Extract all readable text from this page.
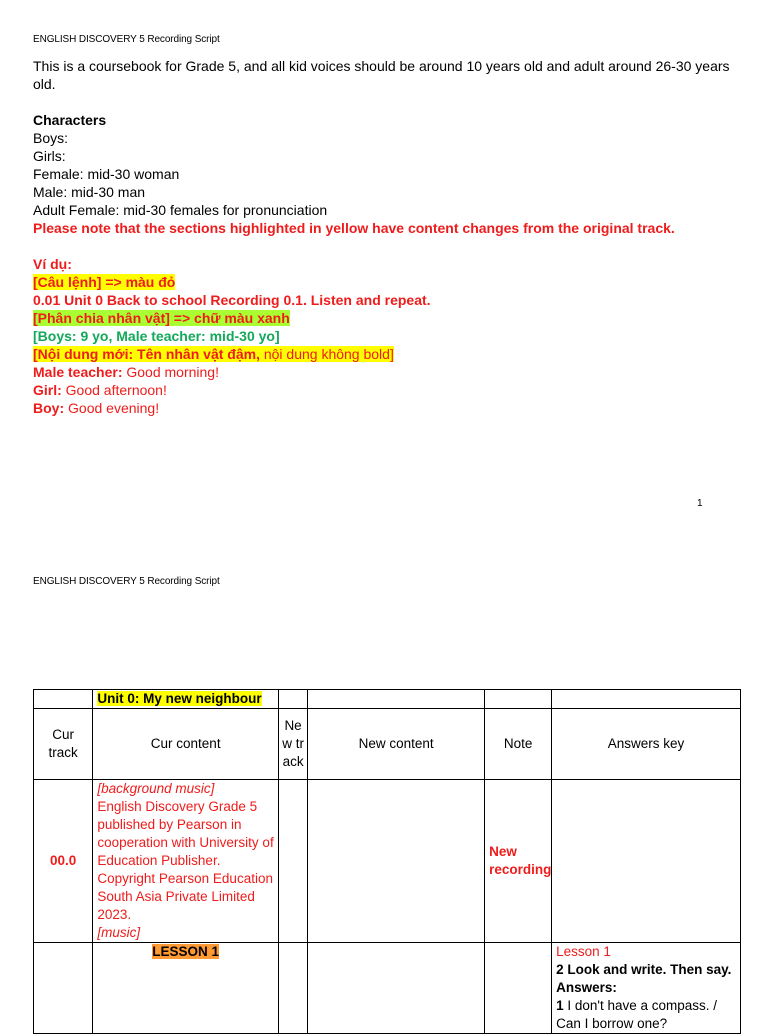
ENGLISH DISCOVERY 5 Recording Script

This is a coursebook for Grade 5, and all kid voices should be around 10 years old and adult around 26-30 years old.

Characters

Boys:

Girls:

Female: mid-30 woman

Male: mid-30 man

Adult Female: mid-30 females for pronunciation

Please note that the sections highlighted in yellow have content changes from the original track.

Ví dụ:

[Câu lệnh] => màu đỏ

0.01 Unit 0 Back to school Recording 0.1. Listen and repeat.

[Phân chia nhân vật] => chữ màu xanh

[Boys: 9 yo, Male teacher: mid-30 yo]

[Nội dung mới: Tên nhân vật đậm, nội dung không bold]

Male teacher: Good morning!

Girl: Good afternoon!

Boy: Good evening!

1
ENGLISH DISCOVERY 5 Recording Script
	Unit 0: My new neighbour				
Cur track	Cur content	New track	New content	Note	Answers key
00.0	[background music]
English Discovery Grade 5 published by Pearson in cooperation with University of Education Publisher. Copyright Pearson Education South Asia Private Limited 2023.
[music]			New recording	
	LESSON 1				Lesson 1
2 Look and write. Then say.
Answers:
1 I don't have a compass. / Can I borrow one?
